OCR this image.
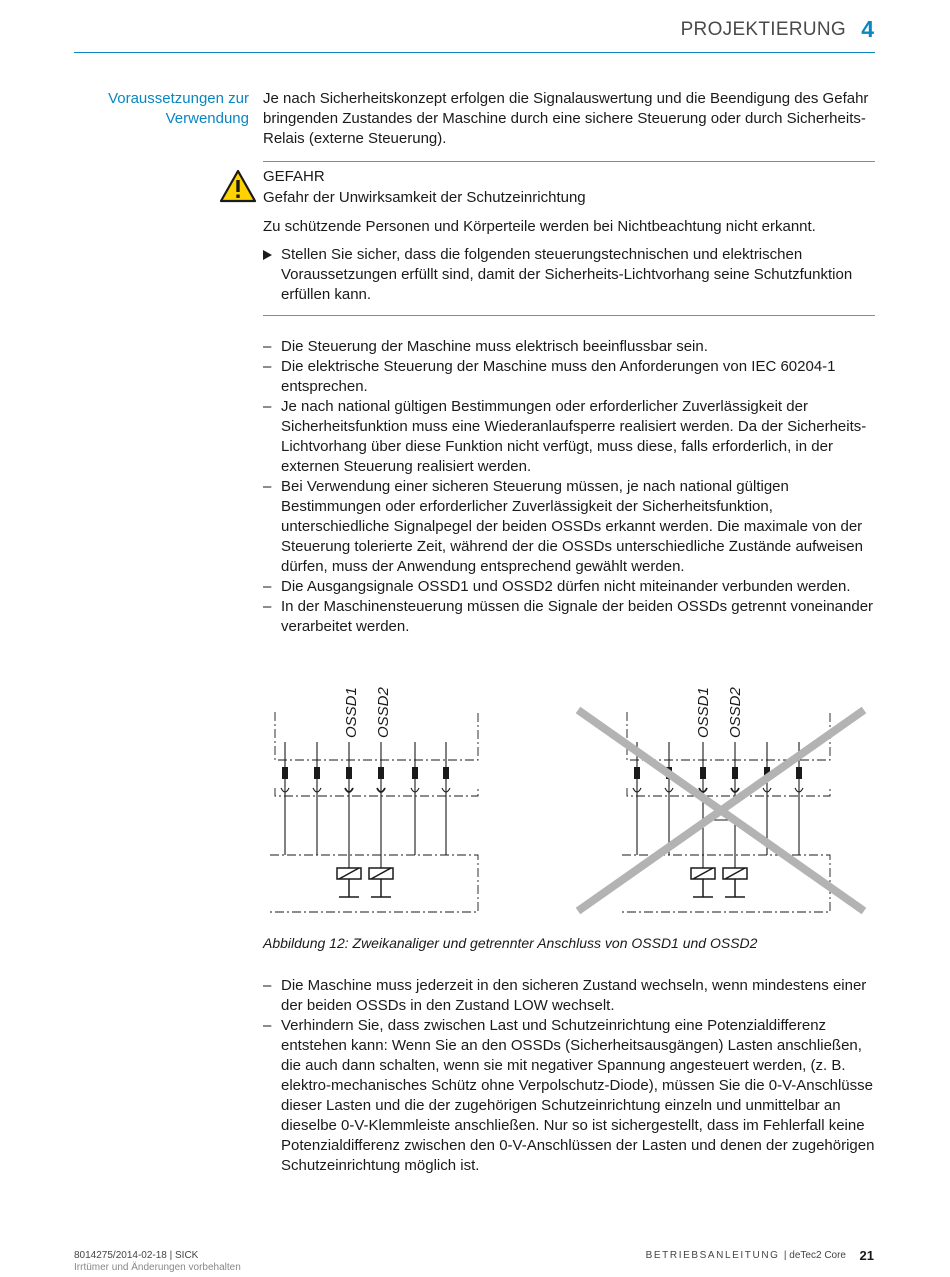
PROJEKTIERUNG 4
Voraussetzungen zur
Verwendung
Je nach Sicherheitskonzept erfolgen die Signalauswertung und die Beendigung des Gefahr bringenden Zustandes der Maschine durch eine sichere Steuerung oder durch Sicherheits-Relais (externe Steuerung).
GEFAHR
Gefahr der Unwirksamkeit der Schutzeinrichtung
Zu schützende Personen und Körperteile werden bei Nichtbeachtung nicht erkannt.
Stellen Sie sicher, dass die folgenden steuerungstechnischen und elektrischen Voraussetzungen erfüllt sind, damit der Sicherheits-Lichtvorhang seine Schutzfunktion erfüllen kann.
– Die Steuerung der Maschine muss elektrisch beeinflussbar sein.
– Die elektrische Steuerung der Maschine muss den Anforderungen von IEC 60204-1 entsprechen.
– Je nach national gültigen Bestimmungen oder erforderlicher Zuverlässigkeit der Sicherheitsfunktion muss eine Wiederanlaufsperre realisiert werden. Da der Sicherheits-Lichtvorhang über diese Funktion nicht verfügt, muss diese, falls erforderlich, in der externen Steuerung realisiert werden.
– Bei Verwendung einer sicheren Steuerung müssen, je nach national gültigen Bestimmungen oder erforderlicher Zuverlässigkeit der Sicherheitsfunktion, unterschiedliche Signalpegel der beiden OSSDs erkannt werden. Die maximale von der Steuerung tolerierte Zeit, während der die OSSDs unterschiedliche Zustände aufweisen dürfen, muss der Anwendung entsprechend gewählt werden.
– Die Ausgangsignale OSSD1 und OSSD2 dürfen nicht miteinander verbunden werden.
– In der Maschinensteuerung müssen die Signale der beiden OSSDs getrennt voneinander verarbeitet werden.
OSSD1 OSSD2	OSSD1 OSSD2
Abbildung 12: Zweikanaliger und getrennter Anschluss von OSSD1 und OSSD2
– Die Maschine muss jederzeit in den sicheren Zustand wechseln, wenn mindestens einer der beiden OSSDs in den Zustand LOW wechselt.
– Verhindern Sie, dass zwischen Last und Schutzeinrichtung eine Potenzialdifferenz entstehen kann: Wenn Sie an den OSSDs (Sicherheitsausgängen) Lasten anschließen, die auch dann schalten, wenn sie mit negativer Spannung angesteuert werden, (z. B. elektro-mechanisches Schütz ohne Verpolschutz-Diode), müssen Sie die 0-V-Anschlüsse dieser Lasten und die der zugehörigen Schutzeinrichtung einzeln und unmittelbar an dieselbe 0-V-Klemmleiste anschließen. Nur so ist sichergestellt, dass im Fehlerfall keine Potenzialdifferenz zwischen den 0-V-Anschlüssen der Lasten und denen der zugehörigen Schutzeinrichtung möglich ist.
8014275/2014-02-18 | SICK
Irrtümer und Änderungen vorbehalten
BETRIEBSANLEITUNG | deTec2 Core 21
